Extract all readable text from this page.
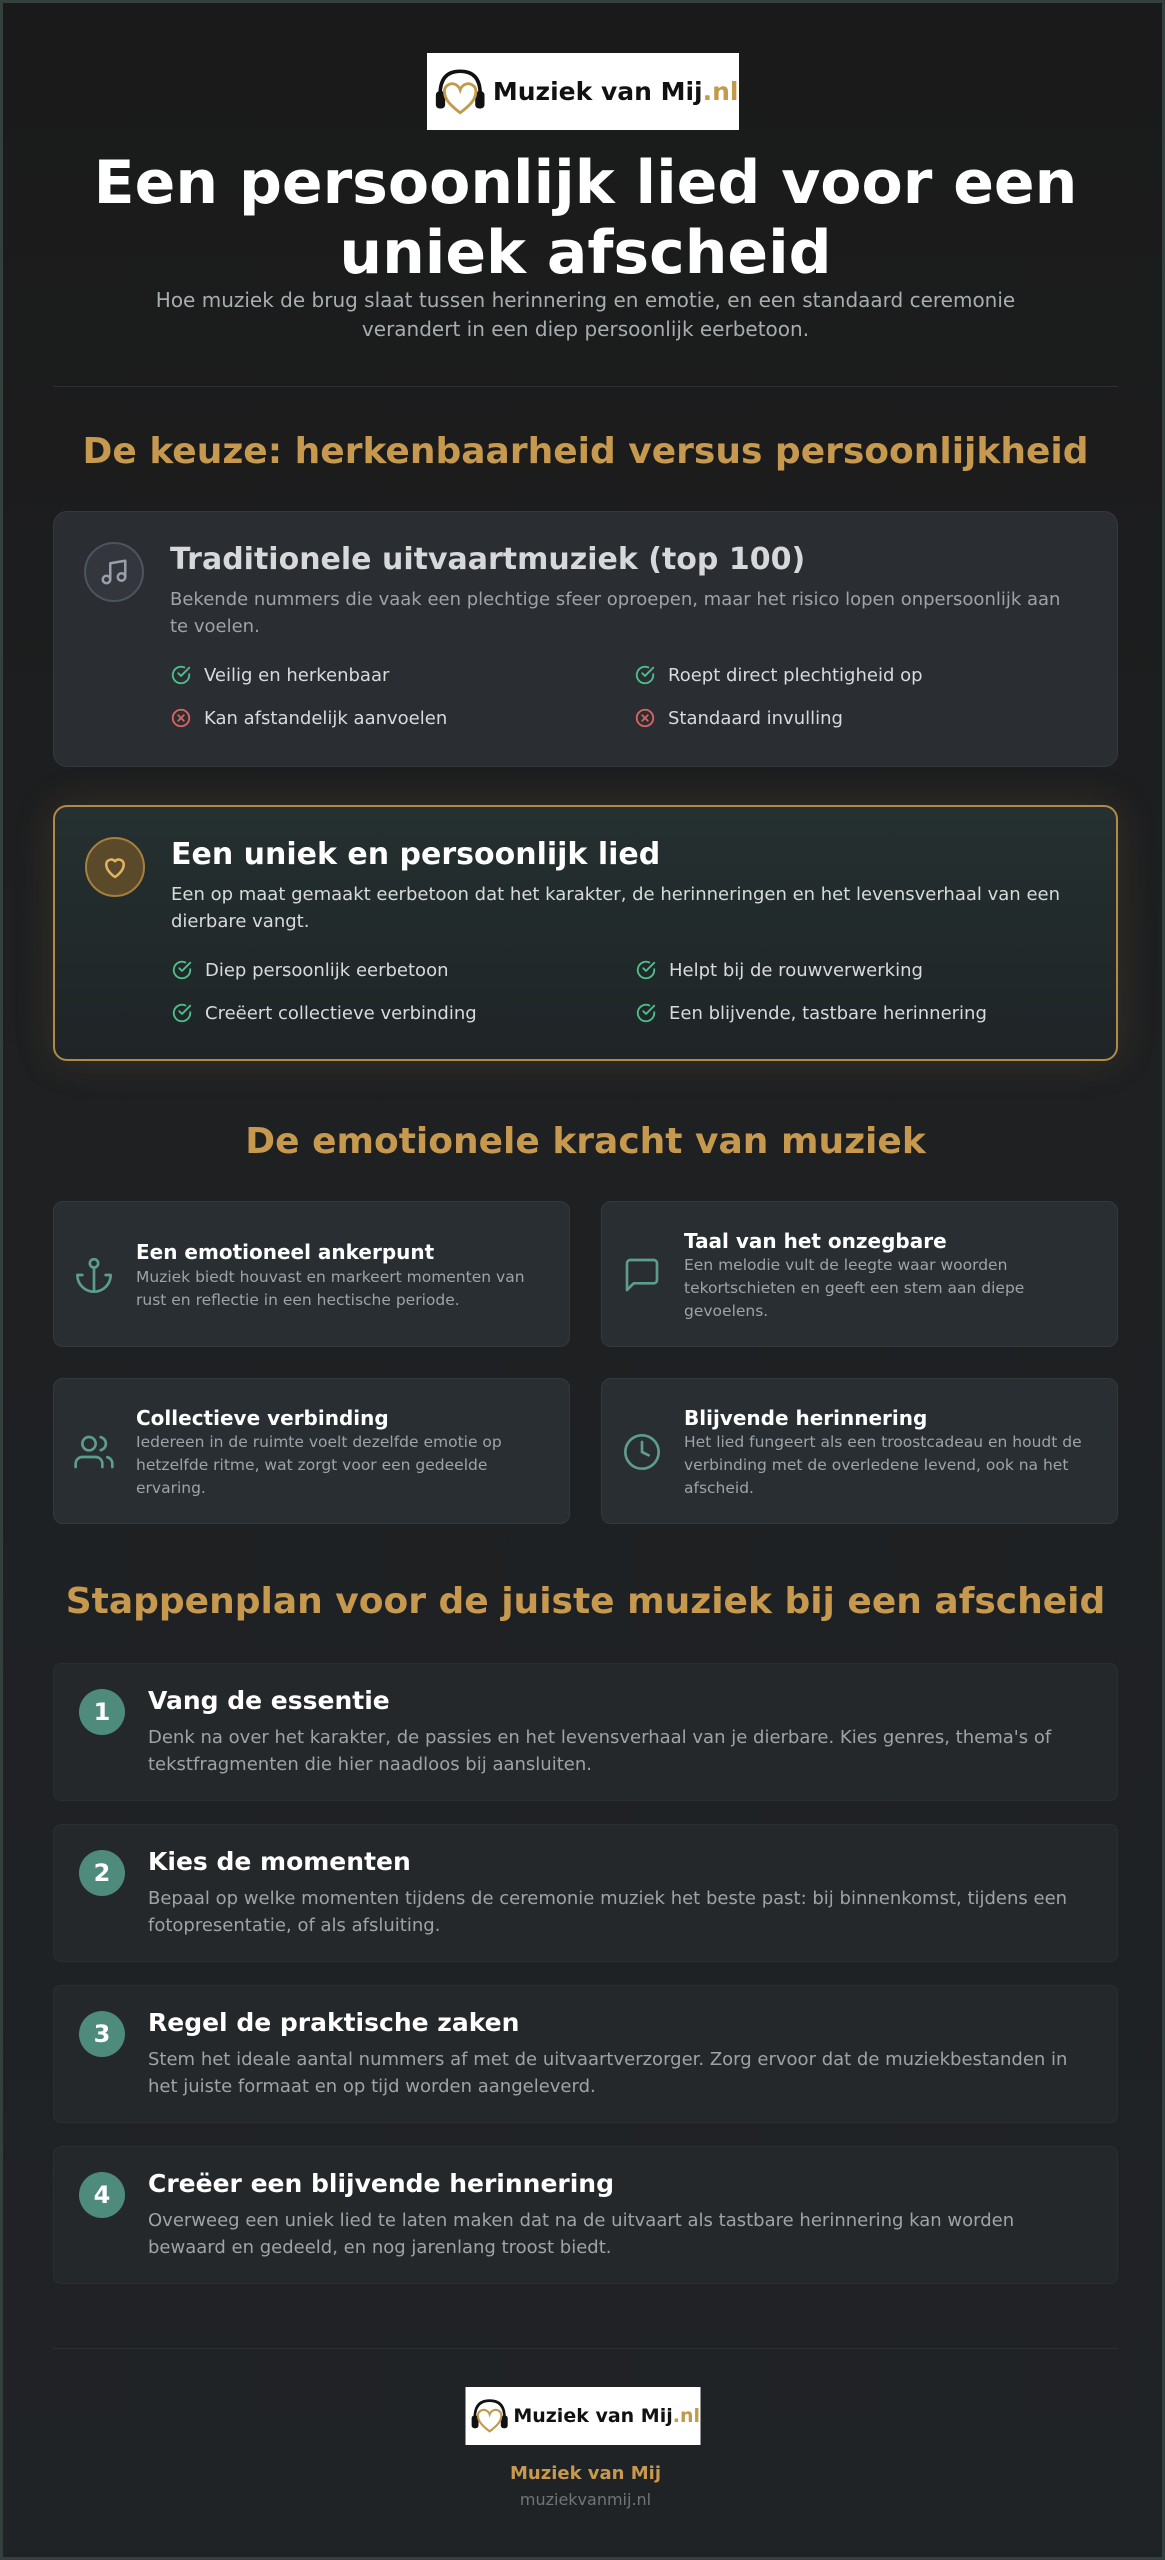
Muziek van Mij.nl
Een persoonlijk lied voor een uniek afscheid

Hoe muziek de brug slaat tussen herinnering en emotie, en een standaard ceremonie verandert in een diep persoonlijk eerbetoon.

De keuze: herkenbaarheid versus persoonlijkheid
Traditionele uitvaartmuziek (top 100)

Bekende nummers die vaak een plechtige sfeer oproepen, maar het risico lopen onpersoonlijk aan te voelen.

Veilig en herkenbaar	Roept direct plechtigheid op
Kan afstandelijk aanvoelen	Standaard invulling
Een uniek en persoonlijk lied

Een op maat gemaakt eerbetoon dat het karakter, de herinneringen en het levensverhaal van een dierbare vangt.

Diep persoonlijk eerbetoon	Helpt bij de rouwverwerking
Creëert collectieve verbinding	Een blijvende, tastbare herinnering
De emotionele kracht van muziek
Een emotioneel ankerpunt

Muziek biedt houvast en markeert momenten van rust en reflectie in een hectische periode.

Taal van het onzegbare

Een melodie vult de leegte waar woorden tekortschieten en geeft een stem aan diepe gevoelens.

Collectieve verbinding

Iedereen in de ruimte voelt dezelfde emotie op hetzelfde ritme, wat zorgt voor een gedeelde ervaring.

Blijvende herinnering

Het lied fungeert als een troostcadeau en houdt de verbinding met de overledene levend, ook na het afscheid.

Stappenplan voor de juiste muziek bij een afscheid
1	Vang de essentie

Denk na over het karakter, de passies en het levensverhaal van je dierbare. Kies genres, thema's of tekstfragmenten die hier naadloos bij aansluiten.

2	Kies de momenten

Bepaal op welke momenten tijdens de ceremonie muziek het beste past: bij binnenkomst, tijdens een fotopresentatie, of als afsluiting.

3	Regel de praktische zaken

Stem het ideale aantal nummers af met de uitvaartverzorger. Zorg ervoor dat de muziekbestanden in het juiste formaat en op tijd worden aangeleverd.

4	Creëer een blijvende herinnering

Overweeg een uniek lied te laten maken dat na de uitvaart als tastbare herinnering kan worden bewaard en gedeeld, en nog jarenlang troost biedt.

Muziek van Mij.nl
Muziek van Mij
muziekvanmij.nl
